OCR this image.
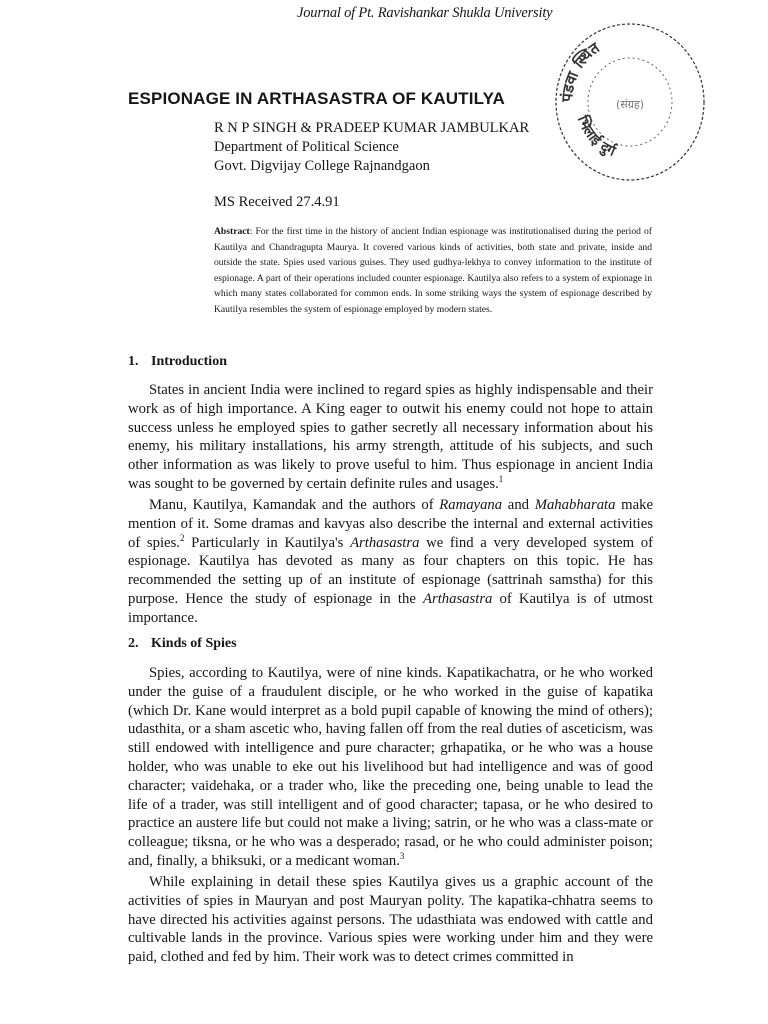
Journal of Pt. Ravishankar Shukla University
पंडवा स्थित
भिलाई दुर्ग
(संग्रह)
ESPIONAGE IN ARTHASASTRA OF KAUTILYA
R N P SINGH & PRADEEP KUMAR JAMBULKAR
Department of Political Science
Govt. Digvijay College Rajnandgaon
MS Received 27.4.91
Abstract: For the first time in the history of ancient Indian espionage was institutionalised during the period of Kautilya and Chandragupta Maurya. It covered various kinds of activities, both state and private, inside and outside the state. Spies used various guises. They used gudhya-lekhya to convey information to the institute of espionage. A part of their operations included counter espionage. Kautilya also refers to a system of expionage in which many states collaborated for common ends. In some striking ways the system of espionage described by Kautilya resembles the system of espionage employed by modern states.
1. Introduction

States in ancient India were inclined to regard spies as highly indispensable and their work as of high importance. A King eager to outwit his enemy could not hope to attain success unless he employed spies to gather secretly all necessary information about his enemy, his military installations, his army strength, attitude of his subjects, and such other information as was likely to prove useful to him. Thus espionage in ancient India was sought to be governed by certain definite rules and usages.$^1$

Manu, Kautilya, Kamandak and the authors of Ramayana and Mahabharata make mention of it. Some dramas and kavyas also describe the internal and external activities of spies.$^2$ Particularly in Kautilya's Arthasastra we find a very developed system of espionage. Kautilya has devoted as many as four chapters on this topic. He has recommended the setting up of an institute of espionage (sattrinah samstha) for this purpose. Hence the study of espionage in the Arthasastra of Kautilya is of utmost importance.

2. Kinds of Spies

Spies, according to Kautilya, were of nine kinds. Kapatikachatra, or he who worked under the guise of a fraudulent disciple, or he who worked in the guise of kapatika (which Dr. Kane would interpret as a bold pupil capable of knowing the mind of others); udasthita, or a sham ascetic who, having fallen off from the real duties of asceticism, was still endowed with intelligence and pure character; grhapatika, or he who was a house holder, who was unable to eke out his livelihood but had intelligence and was of good character; vaidehaka, or a trader who, like the preceding one, being unable to lead the life of a trader, was still intelligent and of good character; tapasa, or he who desired to practice an austere life but could not make a living; satrin, or he who was a class-mate or colleague; tiksna, or he who was a desperado; rasad, or he who could administer poison; and, finally, a bhiksuki, or a medicant woman.$^3$

While explaining in detail these spies Kautilya gives us a graphic account of the activities of spies in Mauryan and post Mauryan polity. The kapatika-chhatra seems to have directed his activities against persons. The udasthiata was endowed with cattle and cultivable lands in the province. Various spies were working under him and they were paid, clothed and fed by him. Their work was to detect crimes committed in
